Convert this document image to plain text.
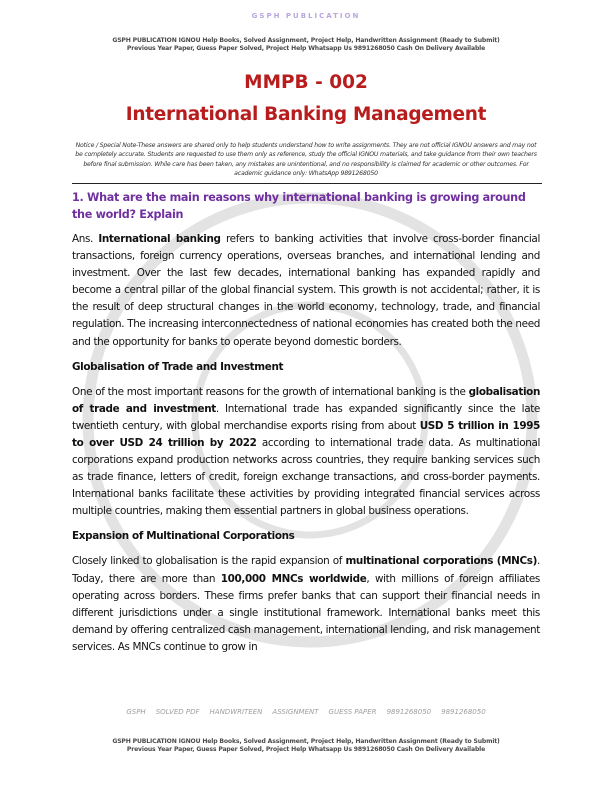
GSPH PUBLICATION
GSPH PUBLICATION IGNOU Help Books, Solved Assignment, Project Help, Handwritten Assignment (Ready to Submit)
Previous Year Paper, Guess Paper Solved, Project Help Whatsapp Us 9891268050 Cash On Delivery Available
MMPB - 002
International Banking Management
Notice / Special Note-These answers are shared only to help students understand how to write assignments. They are not official IGNOU answers and may not be completely accurate. Students are requested to use them only as reference, study the official IGNOU materials, and take guidance from their own teachers before final submission. While care has been taken, any mistakes are unintentional, and no responsibility is claimed for academic or other outcomes. For academic guidance only: WhatsApp 9891268050
1. What are the main reasons why international banking is growing around the world? Explain

Ans. International banking refers to banking activities that involve cross-border financial transactions, foreign currency operations, overseas branches, and international lending and investment. Over the last few decades, international banking has expanded rapidly and become a central pillar of the global financial system. This growth is not accidental; rather, it is the result of deep structural changes in the world economy, technology, trade, and financial regulation. The increasing interconnectedness of national economies has created both the need and the opportunity for banks to operate beyond domestic borders.

Globalisation of Trade and Investment

One of the most important reasons for the growth of international banking is the globalisation of trade and investment. International trade has expanded significantly since the late twentieth century, with global merchandise exports rising from about USD 5 trillion in 1995 to over USD 24 trillion by 2022 according to international trade data. As multinational corporations expand production networks across countries, they require banking services such as trade finance, letters of credit, foreign exchange transactions, and cross-border payments. International banks facilitate these activities by providing integrated financial services across multiple countries, making them essential partners in global business operations.

Expansion of Multinational Corporations

Closely linked to globalisation is the rapid expansion of multinational corporations (MNCs). Today, there are more than 100,000 MNCs worldwide, with millions of foreign affiliates operating across borders. These firms prefer banks that can support their financial needs in different jurisdictions under a single institutional framework. International banks meet this demand by offering centralized cash management, international lending, and risk management services. As MNCs continue to grow in

GSPH SOLVED PDF HANDWRITEEN ASSIGNMENT GUESS PAPER 9891268050 9891268050
GSPH PUBLICATION IGNOU Help Books, Solved Assignment, Project Help, Handwritten Assignment (Ready to Submit)
Previous Year Paper, Guess Paper Solved, Project Help Whatsapp Us 9891268050 Cash On Delivery Available
